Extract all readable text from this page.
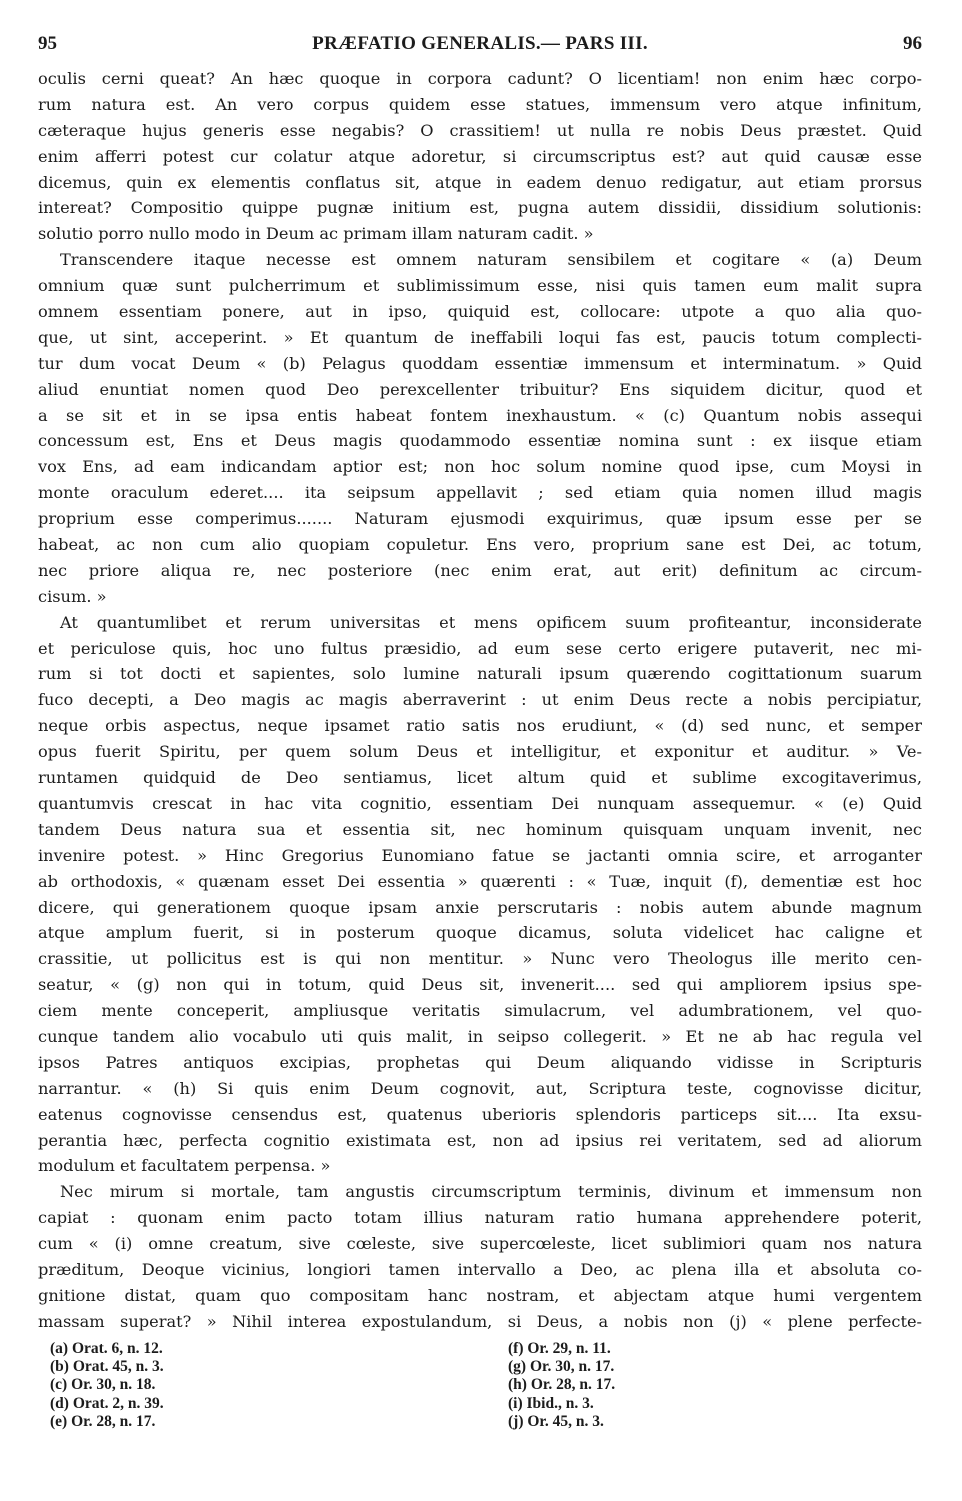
95	PRÆFATIO GENERALIS.— PARS III.	96
oculis cerni queat? An hæc quoque in corpora cadunt? O licentiam! non enim hæc corpo-
rum natura est. An vero corpus quidem esse statues, immensum vero atque infinitum,
cæteraque hujus generis esse negabis? O crassitiem! ut nulla re nobis Deus præstet. Quid
enim afferri potest cur colatur atque adoretur, si circumscriptus est? aut quid causæ esse
dicemus, quin ex elementis conflatus sit, atque in eadem denuo redigatur, aut etiam prorsus
intereat? Compositio quippe pugnæ initium est, pugna autem dissidii, dissidium solutionis:
solutio porro nullo modo in Deum ac primam illam naturam cadit. »
Transcendere itaque necesse est omnem naturam sensibilem et cogitare « (a) Deum
omnium quæ sunt pulcherrimum et sublimissimum esse, nisi quis tamen eum malit supra
omnem essentiam ponere, aut in ipso, quiquid est, collocare: utpote a quo alia quo-
que, ut sint, acceperint. » Et quantum de ineffabili loqui fas est, paucis totum complecti-
tur dum vocat Deum « (b) Pelagus quoddam essentiæ immensum et interminatum. » Quid
aliud enuntiat nomen quod Deo perexcellenter tribuitur? Ens siquidem dicitur, quod et
a se sit et in se ipsa entis habeat fontem inexhaustum. « (c) Quantum nobis assequi
concessum est, Ens et Deus magis quodammodo essentiæ nomina sunt : ex iisque etiam
vox Ens, ad eam indicandam aptior est; non hoc solum nomine quod ipse, cum Moysi in
monte oraculum ederet.... ita seipsum appellavit ; sed etiam quia nomen illud magis
proprium esse comperimus....... Naturam ejusmodi exquirimus, quæ ipsum esse per se
habeat, ac non cum alio quopiam copuletur. Ens vero, proprium sane est Dei, ac totum,
nec priore aliqua re, nec posteriore (nec enim erat, aut erit) definitum ac circum-
cisum. »
At quantumlibet et rerum universitas et mens opificem suum profiteantur, inconsiderate
et periculose quis, hoc uno fultus præsidio, ad eum sese certo erigere putaverit, nec mi-
rum si tot docti et sapientes, solo lumine naturali ipsum quærendo cogittationum suarum
fuco decepti, a Deo magis ac magis aberraverint : ut enim Deus recte a nobis percipiatur,
neque orbis aspectus, neque ipsamet ratio satis nos erudiunt, « (d) sed nunc, et semper
opus fuerit Spiritu, per quem solum Deus et intelligitur, et exponitur et auditur. » Ve-
runtamen quidquid de Deo sentiamus, licet altum quid et sublime excogitaverimus,
quantumvis crescat in hac vita cognitio, essentiam Dei nunquam assequemur. « (e) Quid
tandem Deus natura sua et essentia sit, nec hominum quisquam unquam invenit, nec
invenire potest. » Hinc Gregorius Eunomiano fatue se jactanti omnia scire, et arroganter
ab orthodoxis, « quænam esset Dei essentia » quærenti : « Tuæ, inquit (f), dementiæ est hoc
dicere, qui generationem quoque ipsam anxie perscrutaris : nobis autem abunde magnum
atque amplum fuerit, si in posterum quoque dicamus, soluta videlicet hac caligne et
crassitie, ut pollicitus est is qui non mentitur. » Nunc vero Theologus ille merito cen-
seatur, « (g) non qui in totum, quid Deus sit, invenerit.... sed qui ampliorem ipsius spe-
ciem mente conceperit, ampliusque veritatis simulacrum, vel adumbrationem, vel quo-
cunque tandem alio vocabulo uti quis malit, in seipso collegerit. » Et ne ab hac regula vel
ipsos Patres antiquos excipias, prophetas qui Deum aliquando vidisse in Scripturis
narrantur. « (h) Si quis enim Deum cognovit, aut, Scriptura teste, cognovisse dicitur,
eatenus cognovisse censendus est, quatenus uberioris splendoris particeps sit.... Ita exsu-
perantia hæc, perfecta cognitio existimata est, non ad ipsius rei veritatem, sed ad aliorum
modulum et facultatem perpensa. »
Nec mirum si mortale, tam angustis circumscriptum terminis, divinum et immensum non
capiat : quonam enim pacto totam illius naturam ratio humana apprehendere poterit,
cum « (i) omne creatum, sive cœleste, sive supercœleste, licet sublimiori quam nos natura
præditum, Deoque vicinius, longiori tamen intervallo a Deo, ac plena illa et absoluta co-
gnitione distat, quam quo compositam hanc nostram, et abjectam atque humi vergentem
massam superat? » Nihil interea expostulandum, si Deus, a nobis non (j) « plene perfecte-
(a) Orat. 6, n. 12.
(b) Orat. 45, n. 3.
(c) Or. 30, n. 18.
(d) Orat. 2, n. 39.
(e) Or. 28, n. 17.
(f) Or. 29, n. 11.
(g) Or. 30, n. 17.
(h) Or. 28, n. 17.
(i) Ibid., n. 3.
(j) Or. 45, n. 3.
